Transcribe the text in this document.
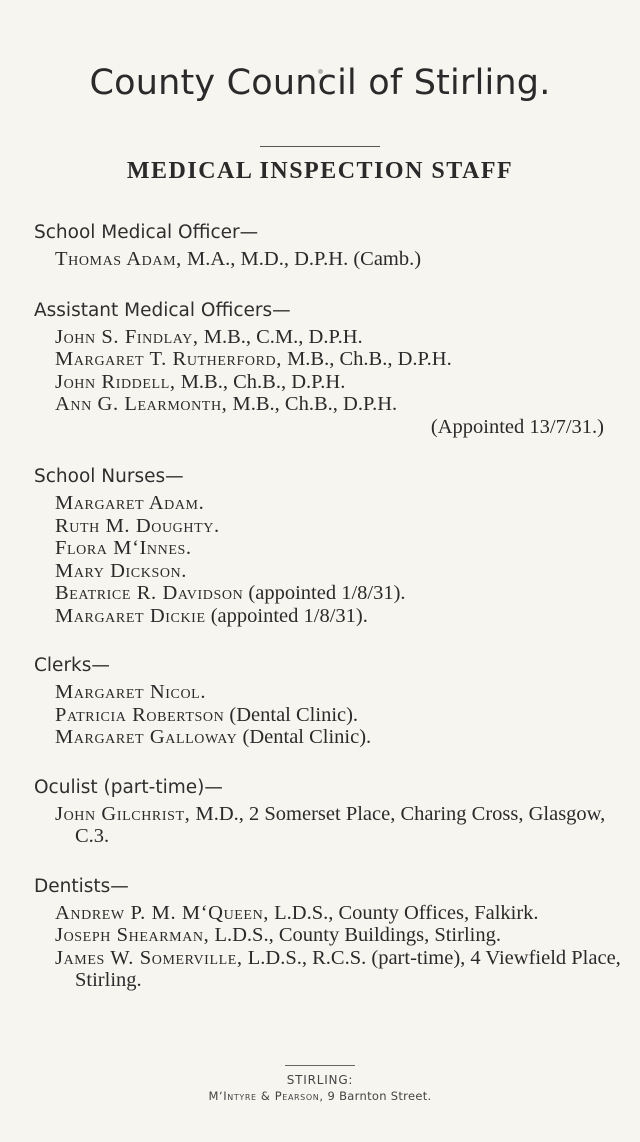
County Council of Stirling.
MEDICAL INSPECTION STAFF
School Medical Officer—
Thomas Adam, M.A., M.D., D.P.H. (Camb.)
Assistant Medical Officers—
John S. Findlay, M.B., C.M., D.P.H.
Margaret T. Rutherford, M.B., Ch.B., D.P.H.
John Riddell, M.B., Ch.B., D.P.H.
Ann G. Learmonth, M.B., Ch.B., D.P.H.
(Appointed 13/7/31.)
School Nurses—
Margaret Adam.
Ruth M. Doughty.
Flora M‘Innes.
Mary Dickson.
Beatrice R. Davidson (appointed 1/8/31).
Margaret Dickie (appointed 1/8/31).
Clerks—
Margaret Nicol.
Patricia Robertson (Dental Clinic).
Margaret Galloway (Dental Clinic).
Oculist (part-time)—
John Gilchrist, M.D., 2 Somerset Place, Charing Cross, Glasgow, C.3.
Dentists—
Andrew P. M. M‘Queen, L.D.S., County Offices, Falkirk.
Joseph Shearman, L.D.S., County Buildings, Stirling.
James W. Somerville, L.D.S., R.C.S. (part-time), 4 Viewfield Place, Stirling.
STIRLING:
M‘Intyre & Pearson, 9 Barnton Street.
